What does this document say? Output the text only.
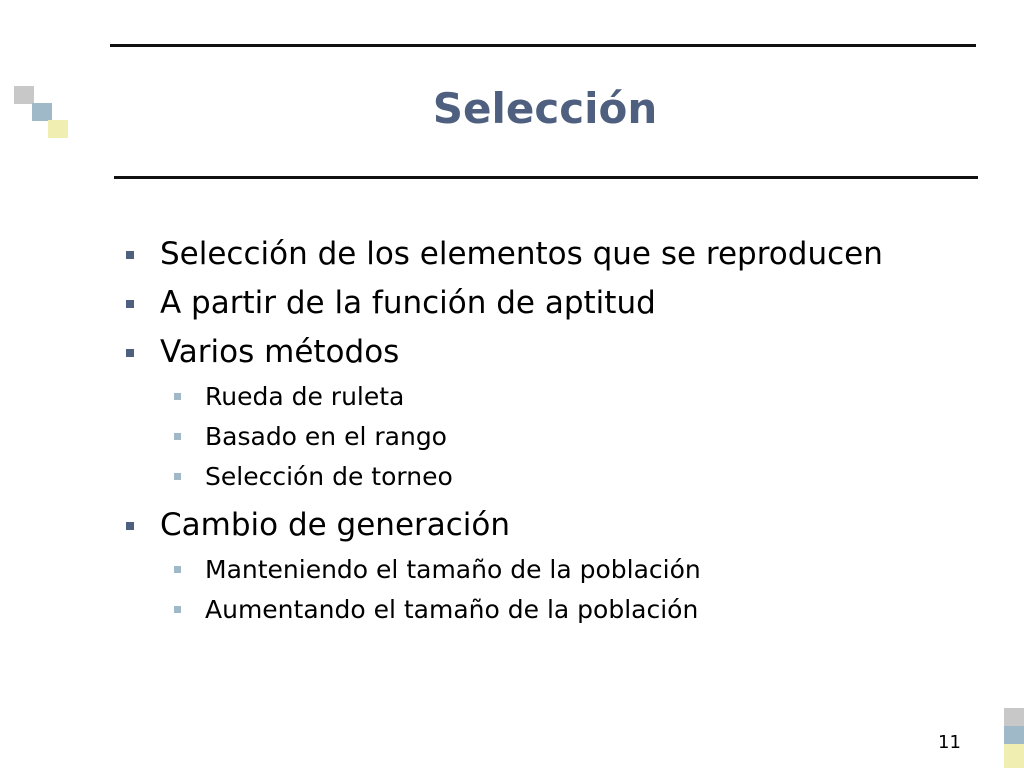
Selección
Selección de los elementos que se reproducen
A partir de la función de aptitud
Varios métodos
Rueda de ruleta
Basado en el rango
Selección de torneo
Cambio de generación
Manteniendo el tamaño de la población
Aumentando el tamaño de la población
11
